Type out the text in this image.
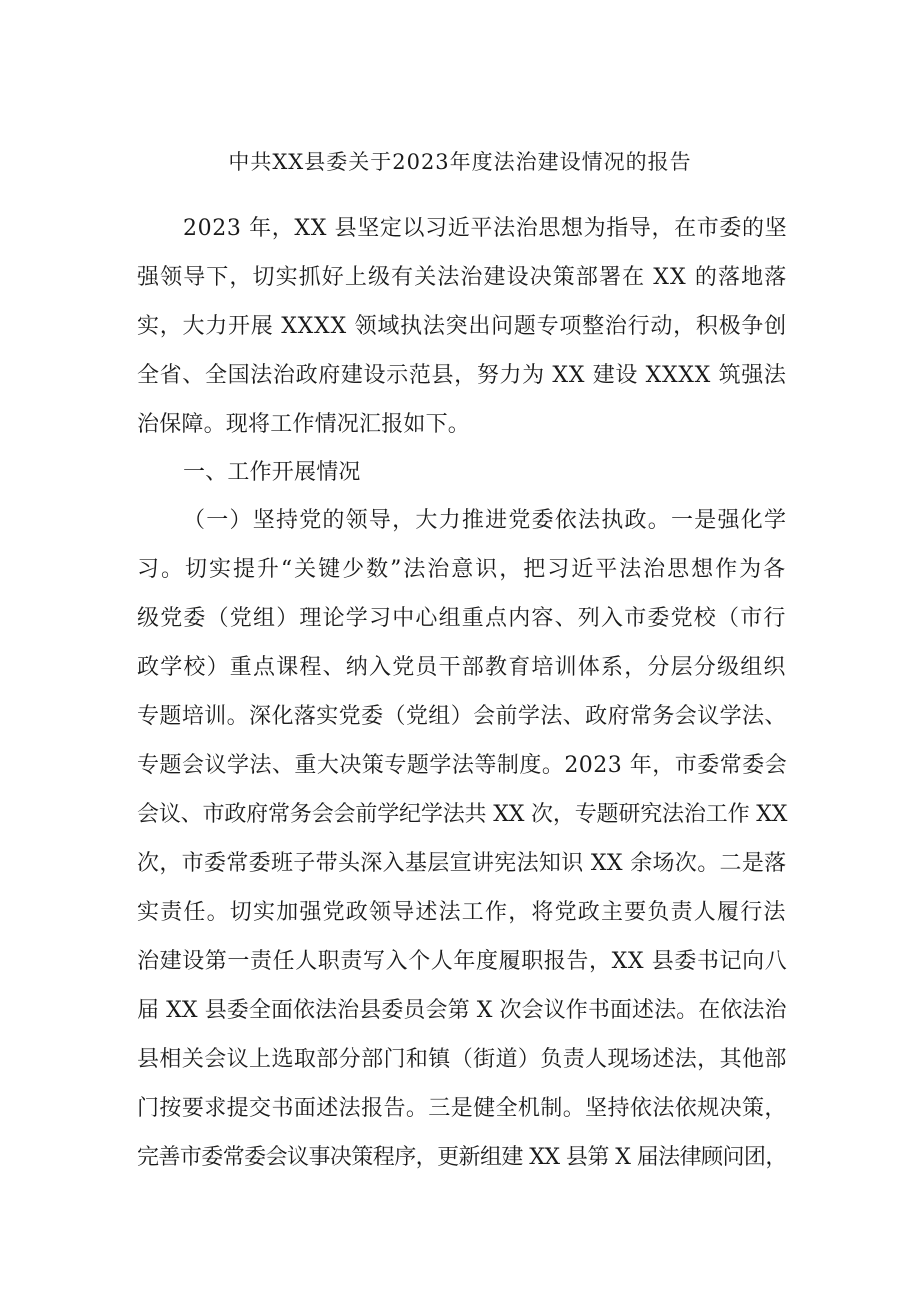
中共XX县委关于2023年度法治建设情况的报告
2023 年，XX 县坚定以习近平法治思想为指导，在市委的坚
强领导下，切实抓好上级有关法治建设决策部署在 XX 的落地落
实，大力开展 XXXX 领域执法突出问题专项整治行动，积极争创
全省、全国法治政府建设示范县，努力为 XX 建设 XXXX 筑强法
治保障。现将工作情况汇报如下。
一、工作开展情况
（一）坚持党的领导，大力推进党委依法执政。一是强化学
习。切实提升“关键少数”法治意识，把习近平法治思想作为各
级党委（党组）理论学习中心组重点内容、列入市委党校（市行
政学校）重点课程、纳入党员干部教育培训体系，分层分级组织
专题培训。深化落实党委（党组）会前学法、政府常务会议学法、
专题会议学法、重大决策专题学法等制度。2023 年，市委常委会
会议、市政府常务会会前学纪学法共 XX 次，专题研究法治工作 XX
次，市委常委班子带头深入基层宣讲宪法知识 XX 余场次。二是落
实责任。切实加强党政领导述法工作，将党政主要负责人履行法
治建设第一责任人职责写入个人年度履职报告，XX 县委书记向八
届 XX 县委全面依法治县委员会第 X 次会议作书面述法。在依法治
县相关会议上选取部分部门和镇（街道）负责人现场述法，其他部
门按要求提交书面述法报告。三是健全机制。坚持依法依规决策，
完善市委常委会议事决策程序，更新组建 XX 县第 X 届法律顾问团，
